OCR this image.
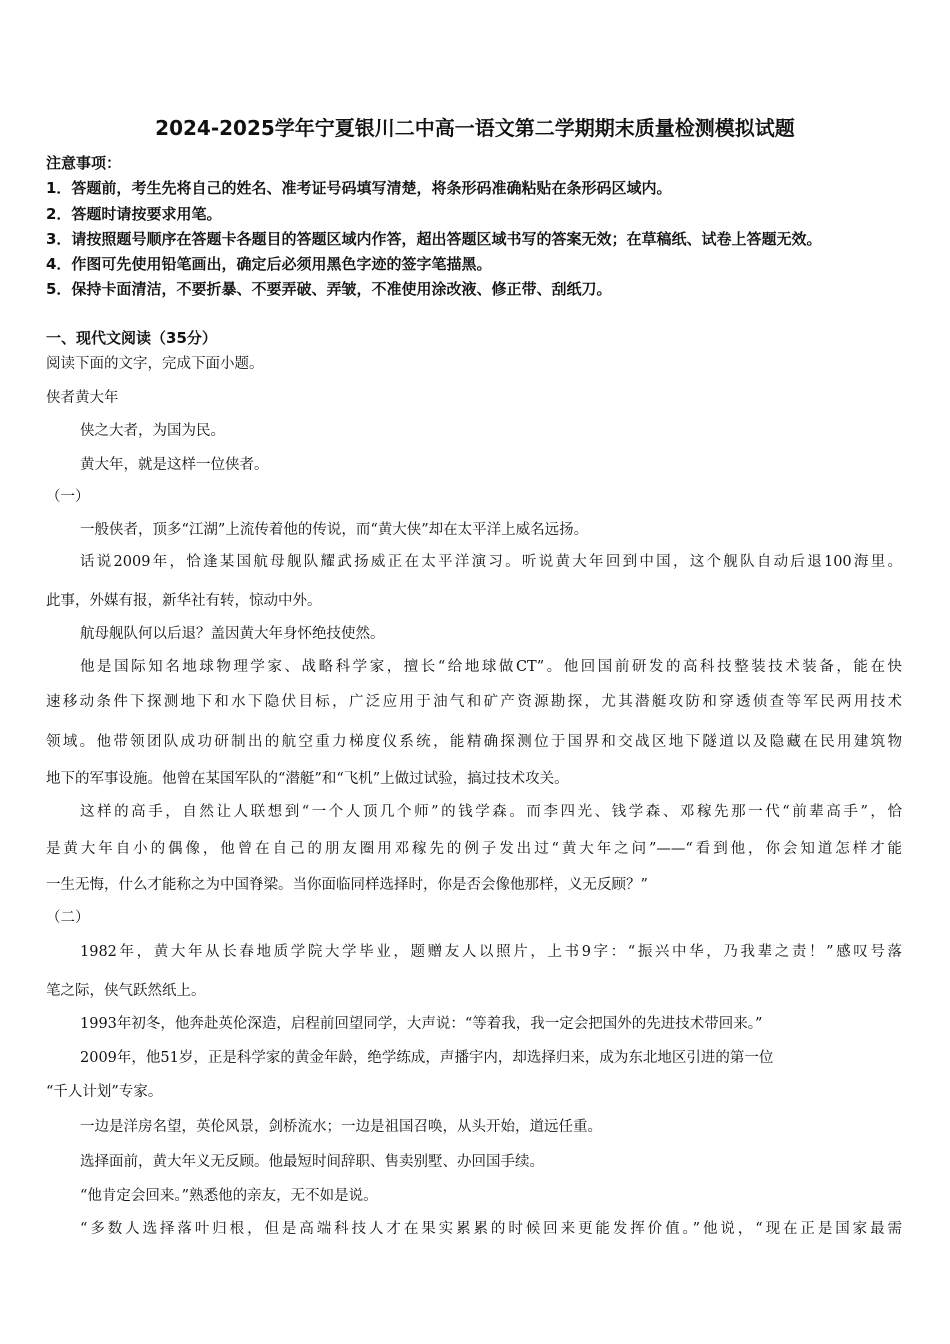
2024-2025学年宁夏银川二中高一语文第二学期期末质量检测模拟试题
注意事项：
1．答题前，考生先将自己的姓名、准考证号码填写清楚，将条形码准确粘贴在条形码区域内。
2．答题时请按要求用笔。
3．请按照题号顺序在答题卡各题目的答题区域内作答，超出答题区域书写的答案无效；在草稿纸、试卷上答题无效。
4．作图可先使用铅笔画出，确定后必须用黑色字迹的签字笔描黑。
5．保持卡面清洁，不要折暴、不要弄破、弄皱，不准使用涂改液、修正带、刮纸刀。
一、现代文阅读（35分）
阅读下面的文字，完成下面小题。
侠者黄大年
侠之大者，为国为民。
黄大年，就是这样一位侠者。
（一）
一般侠者，顶多“江湖”上流传着他的传说，而“黄大侠”却在太平洋上威名远扬。
话说2009年，恰逢某国航母舰队耀武扬威正在太平洋演习。听说黄大年回到中国，这个舰队自动后退100海里。
此事，外媒有报，新华社有转，惊动中外。
航母舰队何以后退？盖因黄大年身怀绝技使然。
他是国际知名地球物理学家、战略科学家，擅长“给地球做CT”。他回国前研发的高科技整装技术装备，能在快
速移动条件下探测地下和水下隐伏目标，广泛应用于油气和矿产资源勘探，尤其潜艇攻防和穿透侦查等军民两用技术
领域。他带领团队成功研制出的航空重力梯度仪系统，能精确探测位于国界和交战区地下隧道以及隐藏在民用建筑物
地下的军事设施。他曾在某国军队的“潜艇”和“飞机”上做过试验，搞过技术攻关。
这样的高手，自然让人联想到“一个人顶几个师”的钱学森。而李四光、钱学森、邓稼先那一代“前辈高手”，恰
是黄大年自小的偶像，他曾在自己的朋友圈用邓稼先的例子发出过“黄大年之问”——“看到他，你会知道怎样才能
一生无悔，什么才能称之为中国脊梁。当你面临同样选择时，你是否会像他那样，义无反顾？”
（二）
1982年，黄大年从长春地质学院大学毕业，题赠友人以照片，上书9字：“振兴中华，乃我辈之责！”感叹号落
笔之际，侠气跃然纸上。
1993年初冬，他奔赴英伦深造，启程前回望同学，大声说：“等着我，我一定会把国外的先进技术带回来。”
2009年，他51岁，正是科学家的黄金年龄，绝学练成，声播宇内，却选择归来，成为东北地区引进的第一位
“千人计划”专家。
一边是洋房名望，英伦风景，剑桥流水；一边是祖国召唤，从头开始，道远任重。
选择面前，黄大年义无反顾。他最短时间辞职、售卖别墅、办回国手续。
“他肯定会回来。”熟悉他的亲友，无不如是说。
“多数人选择落叶归根，但是高端科技人才在果实累累的时候回来更能发挥价值。”他说，“现在正是国家最需
